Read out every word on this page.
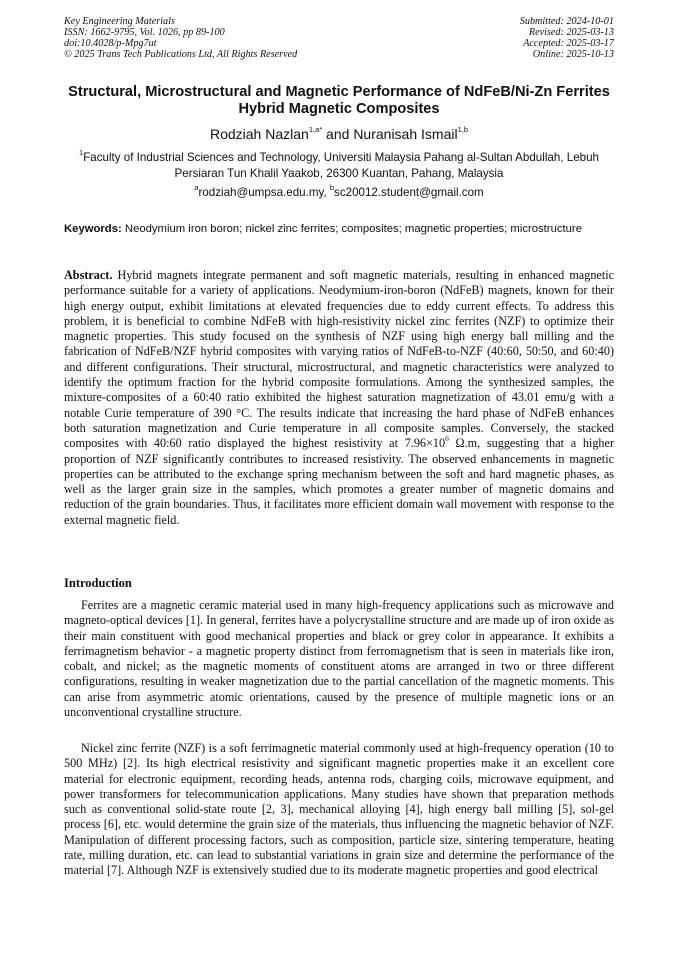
Key Engineering Materials
ISSN: 1662-9795, Vol. 1026, pp 89-100
doi:10.4028/p-Mpg7ut
© 2025 Trans Tech Publications Ltd, All Rights Reserved
Submitted: 2024-10-01
Revised: 2025-03-13
Accepted: 2025-03-17
Online: 2025-10-13
Structural, Microstructural and Magnetic Performance of NdFeB/Ni-Zn Ferrites Hybrid Magnetic Composites
Rodziah Nazlan$^{1,a*}$ and Nuranisah Ismail$^{1,b}$
$^1$Faculty of Industrial Sciences and Technology, Universiti Malaysia Pahang al-Sultan Abdullah, Lebuh Persiaran Tun Khalil Yaakob, 26300 Kuantan, Pahang, Malaysia
$^a$rodziah@umpsa.edu.my, $^b$sc20012.student@gmail.com
Keywords: Neodymium iron boron; nickel zinc ferrites; composites; magnetic properties; microstructure
Abstract. Hybrid magnets integrate permanent and soft magnetic materials, resulting in enhanced magnetic performance suitable for a variety of applications. Neodymium-iron-boron (NdFeB) magnets, known for their high energy output, exhibit limitations at elevated frequencies due to eddy current effects. To address this problem, it is beneficial to combine NdFeB with high-resistivity nickel zinc ferrites (NZF) to optimize their magnetic properties. This study focused on the synthesis of NZF using high energy ball milling and the fabrication of NdFeB/NZF hybrid composites with varying ratios of NdFeB-to-NZF (40:60, 50:50, and 60:40) and different configurations. Their structural, microstructural, and magnetic characteristics were analyzed to identify the optimum fraction for the hybrid composite formulations. Among the synthesized samples, the mixture-composites of a 60:40 ratio exhibited the highest saturation magnetization of 43.01 emu/g with a notable Curie temperature of 390 °C. The results indicate that increasing the hard phase of NdFeB enhances both saturation magnetization and Curie temperature in all composite samples. Conversely, the stacked composites with 40:60 ratio displayed the highest resistivity at $7.96\times 10^6$ Ω.m, suggesting that a higher proportion of NZF significantly contributes to increased resistivity. The observed enhancements in magnetic properties can be attributed to the exchange spring mechanism between the soft and hard magnetic phases, as well as the larger grain size in the samples, which promotes a greater number of magnetic domains and reduction of the grain boundaries. Thus, it facilitates more efficient domain wall movement with response to the external magnetic field.
Introduction
Ferrites are a magnetic ceramic material used in many high-frequency applications such as microwave and magneto-optical devices [1]. In general, ferrites have a polycrystalline structure and are made up of iron oxide as their main constituent with good mechanical properties and black or grey color in appearance. It exhibits a ferrimagnetism behavior - a magnetic property distinct from ferromagnetism that is seen in materials like iron, cobalt, and nickel; as the magnetic moments of constituent atoms are arranged in two or three different configurations, resulting in weaker magnetization due to the partial cancellation of the magnetic moments. This can arise from asymmetric atomic orientations, caused by the presence of multiple magnetic ions or an unconventional crystalline structure.
Nickel zinc ferrite (NZF) is a soft ferrimagnetic material commonly used at high-frequency operation (10 to 500 MHz) [2]. Its high electrical resistivity and significant magnetic properties make it an excellent core material for electronic equipment, recording heads, antenna rods, charging coils, microwave equipment, and power transformers for telecommunication applications. Many studies have shown that preparation methods such as conventional solid-state route [2, 3], mechanical alloying [4], high energy ball milling [5], sol-gel process [6], etc. would determine the grain size of the materials, thus influencing the magnetic behavior of NZF. Manipulation of different processing factors, such as composition, particle size, sintering temperature, heating rate, milling duration, etc. can lead to substantial variations in grain size and determine the performance of the material [7]. Although NZF is extensively studied due to its moderate magnetic properties and good electrical
